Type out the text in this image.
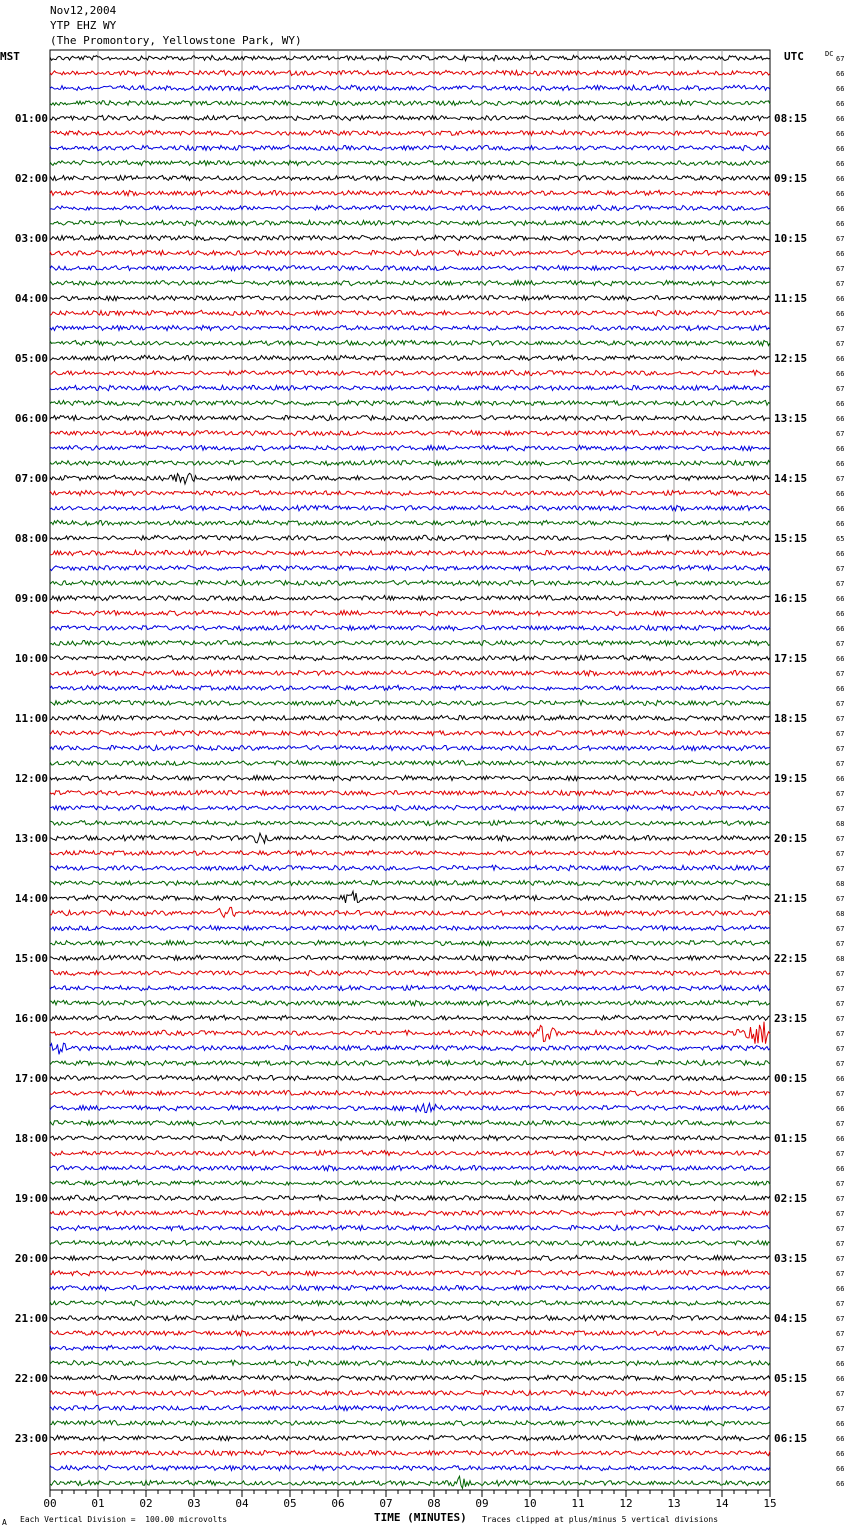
Nov12,2004
YTP EHZ WY
(The Promontory, Yellowstone Park, WY)
MST	UTC
00	01	02	03	04	05	06	07	08	09	10	11	12	13	14	15
67
66
66
66
66
66
66
66
66
66
66
66
67
66
67
67
66
66
67
67
66
66
67
66
66
67
66
66
67
66
66
66
65
66
67
67
66
66
66
67
66
67
66
67
67
67
67
67
66
67
67
68
67
67
67
68
67
68
67
67
68
67
67
67
67
67
67
67
66
67
66
67
66
67
66
67
67
67
67
67
67
67
66
67
67
67
67
66
66
67
67
66
66
66
66
66
DC
01:00	08:15
02:00	09:15
03:00	10:15
04:00	11:15
05:00	12:15
06:00	13:15
07:00	14:15
08:00	15:15
09:00	16:15
10:00	17:15
11:00	18:15
12:00	19:15
13:00	20:15
14:00	21:15
15:00	22:15
16:00	23:15
17:00	00:15
18:00	01:15
19:00	02:15
20:00	03:15
21:00	04:15
22:00	05:15
23:00	06:15
TIME (MINUTES)
A Each Vertical Division =  100.00 microvolts	Traces clipped at plus/minus 5 vertical divisions
